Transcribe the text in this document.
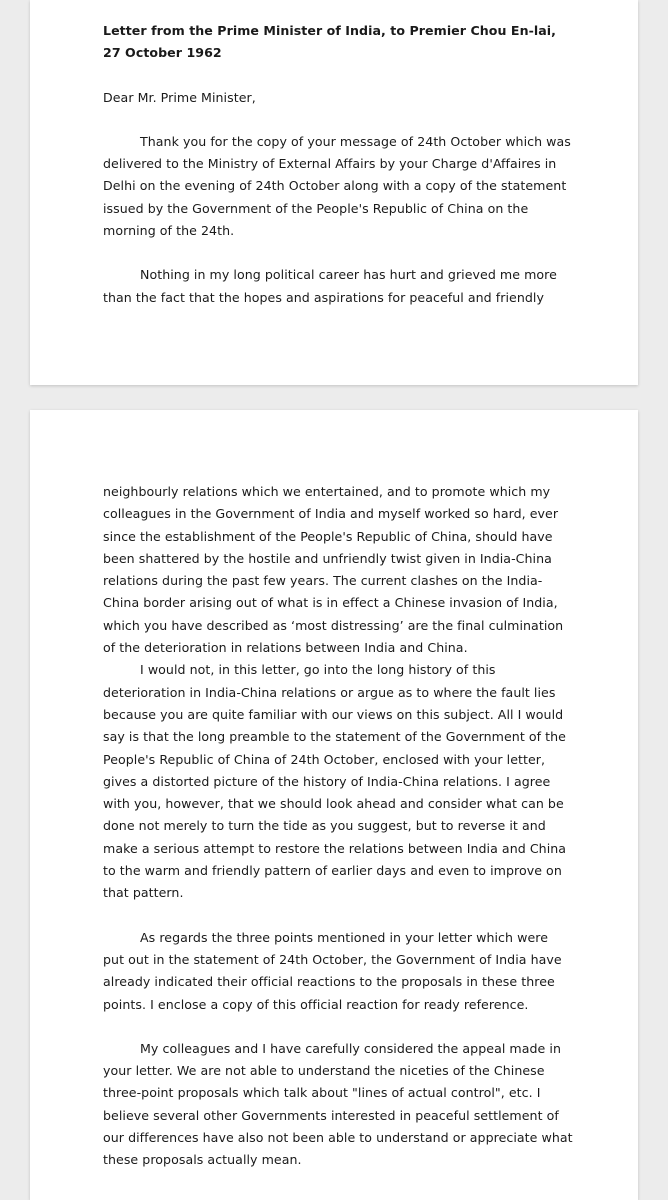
Letter from the Prime Minister of India, to Premier Chou En-lai, 27 October 1962

Dear Mr. Prime Minister,

Thank you for the copy of your message of 24th October which was delivered to the Ministry of External Affairs by your Charge d'Affaires in Delhi on the evening of 24th October along with a copy of the statement issued by the Government of the People's Republic of China on the morning of the 24th.

Nothing in my long political career has hurt and grieved me more than the fact that the hopes and aspirations for peaceful and friendly

neighbourly relations which we entertained, and to promote which my colleagues in the Government of India and myself worked so hard, ever since the establishment of the People's Republic of China, should have been shattered by the hostile and unfriendly twist given in India-China relations during the past few years. The current clashes on the India-China border arising out of what is in effect a Chinese invasion of India, which you have described as ‘most distressing’ are the final culmination of the deterioration in relations between India and China.

I would not, in this letter, go into the long history of this deterioration in India-China relations or argue as to where the fault lies because you are quite familiar with our views on this subject. All I would say is that the long preamble to the statement of the Government of the People's Republic of China of 24th October, enclosed with your letter, gives a distorted picture of the history of India-China relations. I agree with you, however, that we should look ahead and consider what can be done not merely to turn the tide as you suggest, but to reverse it and make a serious attempt to restore the relations between India and China to the warm and friendly pattern of earlier days and even to improve on that pattern.

As regards the three points mentioned in your letter which were put out in the statement of 24th October, the Government of India have already indicated their official reactions to the proposals in these three points. I enclose a copy of this official reaction for ready reference.

My colleagues and I have carefully considered the appeal made in your letter. We are not able to understand the niceties of the Chinese three-point proposals which talk about "lines of actual control", etc. I believe several other Governments interested in peaceful settlement of our differences have also not been able to understand or appreciate what these proposals actually mean.
